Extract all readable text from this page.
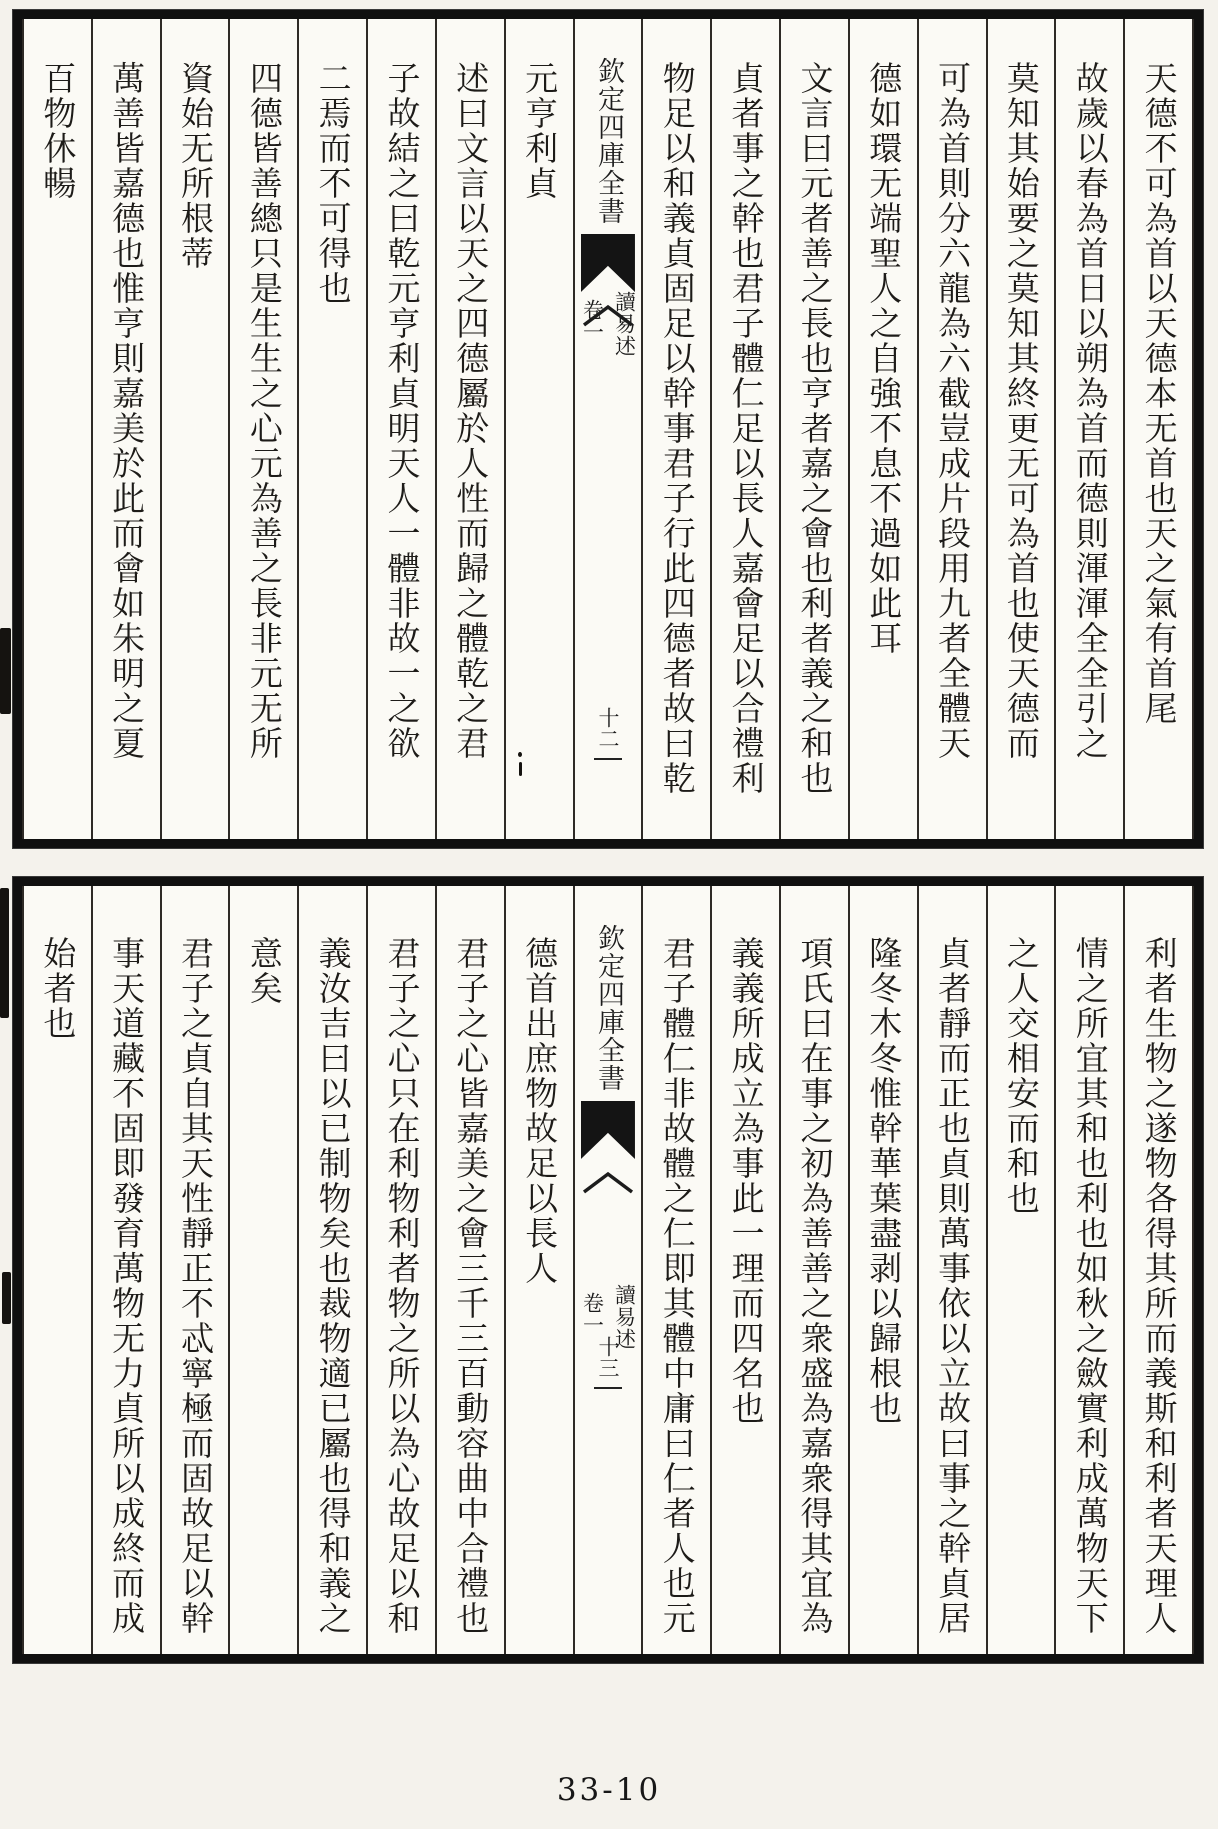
天德不可為首以天德本无首也天之氣有首尾
故歲以春為首日以朔為首而德則渾渾全全引之
莫知其始要之莫知其終更无可為首也使天德而
可為首則分六龍為六截豈成片段用九者全體天
德如環无端聖人之自強不息不過如此耳
文言曰元者善之長也亨者嘉之會也利者義之和也
貞者事之幹也君子體仁足以長人嘉會足以合禮利
物足以和義貞固足以幹事君子行此四德者故曰乾
欽定四庫全書
讀易述
卷一
十二
元亨利貞
述曰文言以天之四德屬於人性而歸之體乾之君
子故結之曰乾元亨利貞明天人一體非故一之欲
二焉而不可得也
四德皆善總只是生生之心元為善之長非元无所
資始无所根蒂
萬善皆嘉德也惟亨則嘉美於此而會如朱明之夏
百物休暢
利者生物之遂物各得其所而義斯和利者天理人
情之所宜其和也利也如秋之斂實利成萬物天下
之人交相安而和也
貞者靜而正也貞則萬事依以立故曰事之幹貞居
隆冬木冬惟幹華葉盡剥以歸根也
項氏曰在事之初為善善之衆盛為嘉衆得其宜為
義義所成立為事此一理而四名也
君子體仁非故體之仁即其體中庸曰仁者人也元
欽定四庫全書
讀易述
卷一
十三
德首出庶物故足以長人
君子之心皆嘉美之會三千三百動容曲中合禮也
君子之心只在利物利者物之所以為心故足以和
義汝吉曰以已制物矣也裁物適已屬也得和義之
意矣
君子之貞自其天性靜正不忒寧極而固故足以幹
事天道藏不固即發育萬物无力貞所以成終而成
始者也
33-10
